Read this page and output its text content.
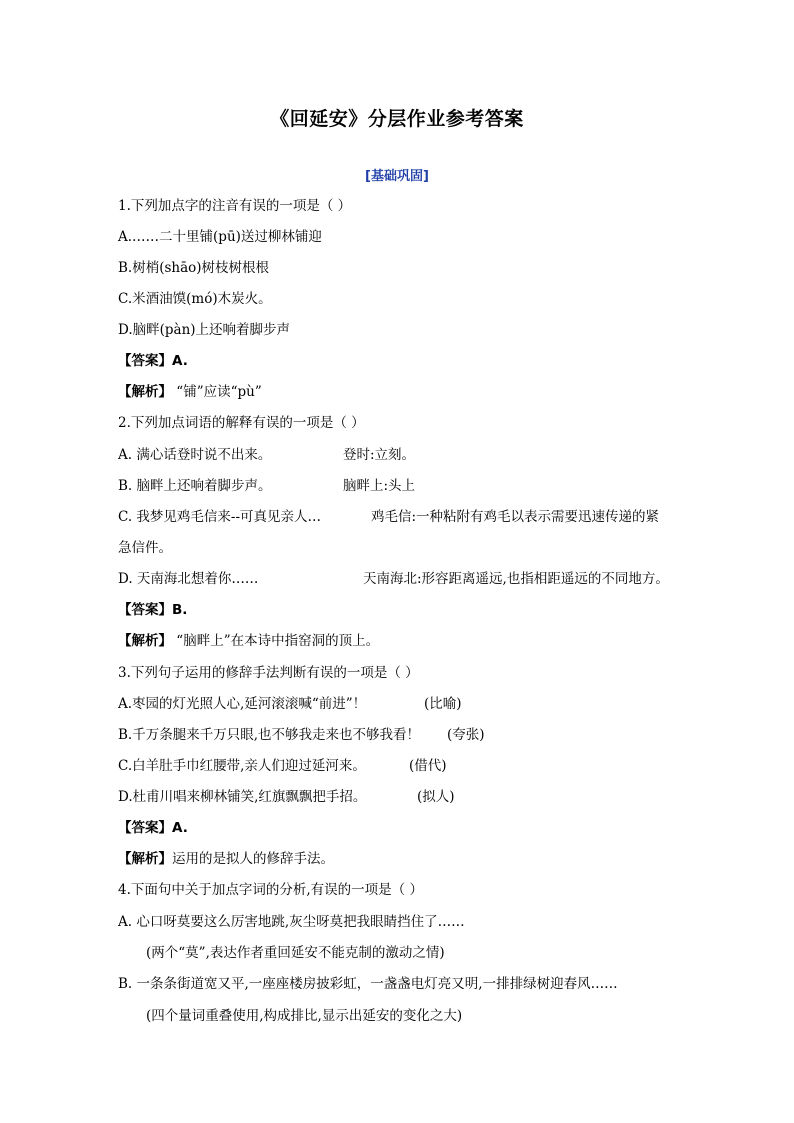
《回延安》分层作业参考答案
[基础巩固]
1.下列加点字的注音有误的一项是（ ）
A.……二十里铺(pū)送过柳林铺迎
B.树梢(shāo)树枝树根根
C.米酒油馍(mó)木炭火。
D.脑畔(pàn)上还响着脚步声
【答案】A.
【解析】 “铺”应读“pù”
2.下列加点词语的解释有误的一项是（ ）
A. 满心话登时说不出来。	登时:立刻。
B. 脑畔上还响着脚步声。	脑畔上:头上
C. 我梦见鸡毛信来--可真见亲人…	鸡毛信:一种粘附有鸡毛以表示需要迅速传递的紧
急信件。
D. 天南海北想着你……	天南海北:形容距离遥远,也指相距遥远的不同地方。
【答案】B.
【解析】 “脑畔上”在本诗中指窑洞的顶上。
3.下列句子运用的修辞手法判断有误的一项是（ ）
A.枣园的灯光照人心,延河滚滚喊“前进”！	(比喻)
B.千万条腿来千万只眼,也不够我走来也不够我看！ (夸张)
C.白羊肚手巾红腰带,亲人们迎过延河来。	(借代)
D.杜甫川唱来柳林铺笑,红旗飘飘把手招。	(拟人)
【答案】A.
【解析】运用的是拟人的修辞手法。
4.下面句中关于加点字词的分析,有误的一项是（ ）
A. 心口呀莫要这么厉害地跳,灰尘呀莫把我眼睛挡住了……
(两个“莫”,表达作者重回延安不能克制的激动之情)
B. 一条条街道宽又平,一座座楼房披彩虹，一盏盏电灯亮又明,一排排绿树迎春风……
(四个量词重叠使用,构成排比,显示出延安的变化之大)
